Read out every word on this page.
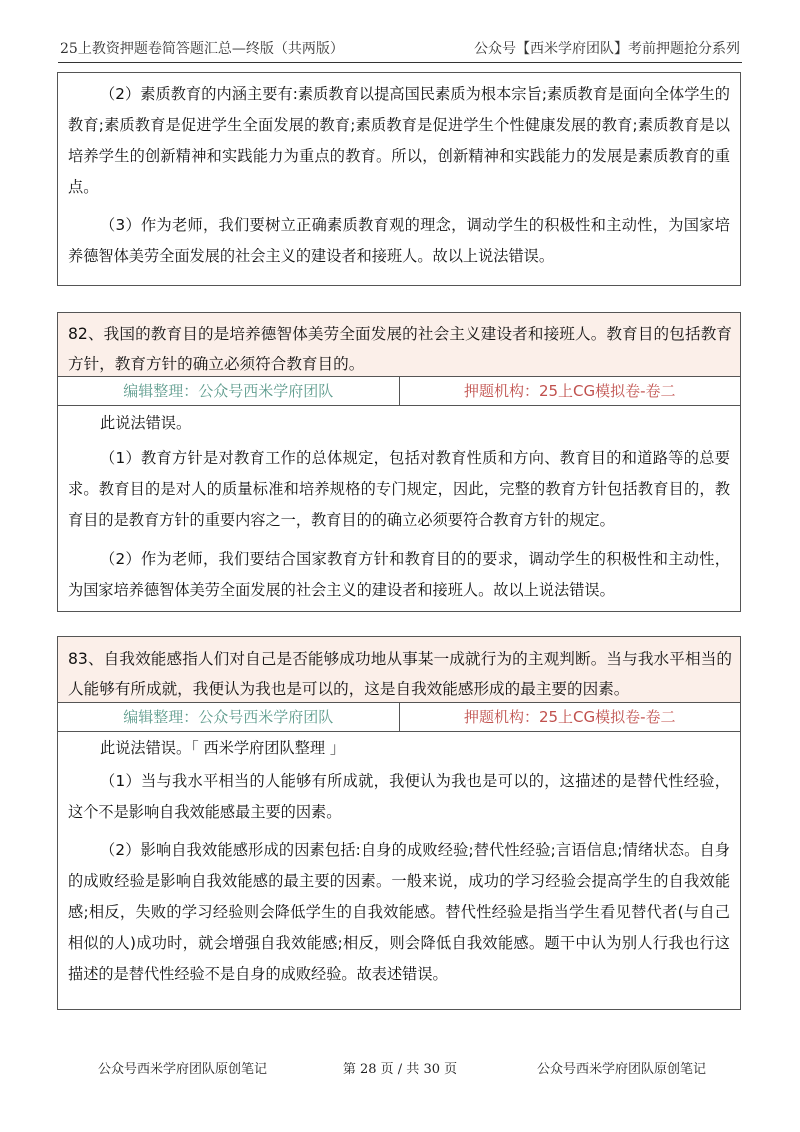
25上教资押题卷简答题汇总—终版（共两版）	公众号【西米学府团队】考前押题抢分系列

（2）素质教育的内涵主要有:素质教育以提高国民素质为根本宗旨;素质教育是面向全体学生的教育;素质教育是促进学生全面发展的教育;素质教育是促进学生个性健康发展的教育;素质教育是以培养学生的创新精神和实践能力为重点的教育。所以，创新精神和实践能力的发展是素质教育的重点。

（3）作为老师，我们要树立正确素质教育观的理念，调动学生的积极性和主动性，为国家培养德智体美劳全面发展的社会主义的建设者和接班人。故以上说法错误。

82、我国的教育目的是培养德智体美劳全面发展的社会主义建设者和接班人。教育目的包括教育方针，教育方针的确立必须符合教育目的。

编辑整理：公众号西米学府团队	押题机构：25上CG模拟卷-卷二

此说法错误。

（1）教育方针是对教育工作的总体规定，包括对教育性质和方向、教育目的和道路等的总要求。教育目的是对人的质量标准和培养规格的专门规定，因此，完整的教育方针包括教育目的，教育目的是教育方针的重要内容之一，教育目的的确立必须要符合教育方针的规定。

（2）作为老师，我们要结合国家教育方针和教育目的的要求，调动学生的积极性和主动性，为国家培养德智体美劳全面发展的社会主义的建设者和接班人。故以上说法错误。

83、自我效能感指人们对自己是否能够成功地从事某一成就行为的主观判断。当与我水平相当的人能够有所成就，我便认为我也是可以的，这是自我效能感形成的最主要的因素。

编辑整理：公众号西米学府团队	押题机构：25上CG模拟卷-卷二

此说法错误。「 西米学府团队整理 」

（1）当与我水平相当的人能够有所成就，我便认为我也是可以的，这描述的是替代性经验，这个不是影响自我效能感最主要的因素。

（2）影响自我效能感形成的因素包括:自身的成败经验;替代性经验;言语信息;情绪状态。自身的成败经验是影响自我效能感的最主要的因素。一般来说，成功的学习经验会提高学生的自我效能感;相反，失败的学习经验则会降低学生的自我效能感。替代性经验是指当学生看见替代者(与自己相似的人)成功时，就会增强自我效能感;相反，则会降低自我效能感。题干中认为别人行我也行这描述的是替代性经验不是自身的成败经验。故表述错误。

公众号西米学府团队原创笔记	第 28 页 / 共 30 页	公众号西米学府团队原创笔记
